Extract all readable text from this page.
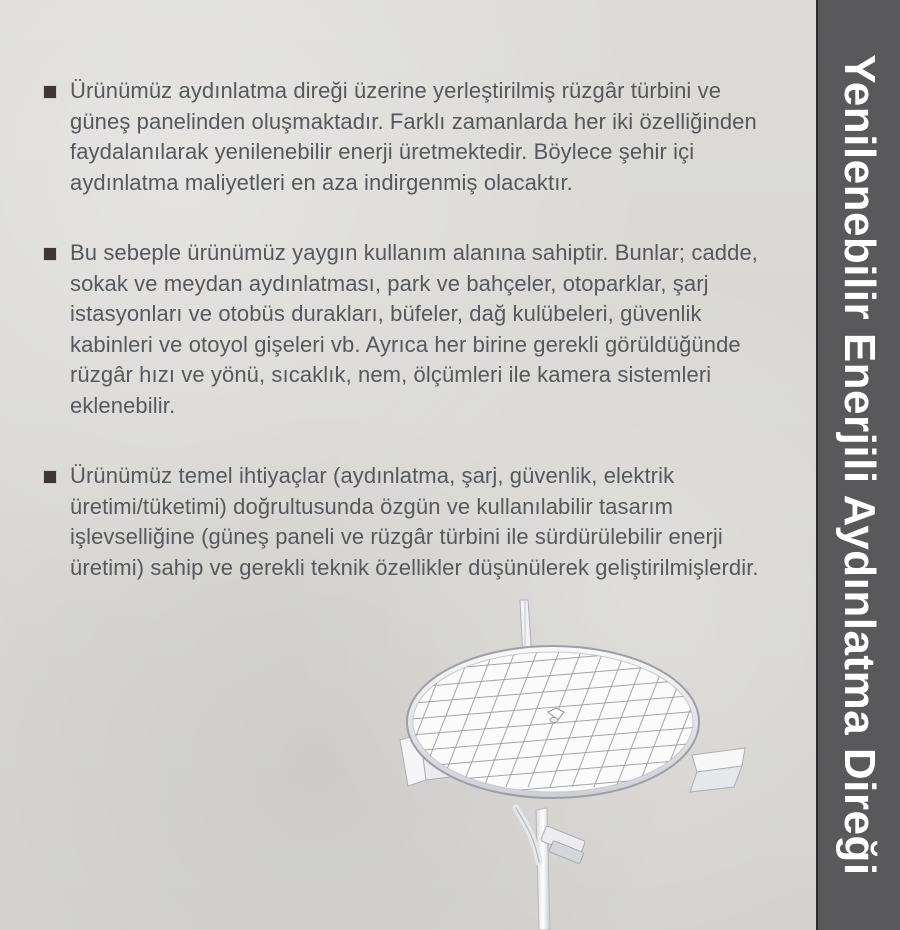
Ürünümüz aydınlatma direği üzerine yerleştirilmiş rüzgâr türbini ve güneş panelinden oluşmaktadır. Farklı zamanlarda her iki özelliğinden faydalanılarak yenilenebilir enerji üretmektedir. Böylece şehir içi aydınlatma maliyetleri en aza indirgenmiş olacaktır.
Bu sebeple ürünümüz yaygın kullanım alanına sahiptir. Bunlar; cadde, sokak ve meydan aydınlatması, park ve bahçeler, otoparklar, şarj istasyonları ve otobüs durakları, büfeler, dağ kulübeleri, güvenlik kabinleri ve otoyol gişeleri vb. Ayrıca her birine gerekli görüldüğünde rüzgâr hızı ve yönü, sıcaklık, nem, ölçümleri ile kamera sistemleri eklenebilir.
Ürünümüz temel ihtiyaçlar (aydınlatma, şarj, güvenlik, elektrik üretimi/tüketimi) doğrultusunda özgün ve kullanılabilir tasarım işlevselliğine (güneş paneli ve rüzgâr türbini ile sürdürülebilir enerji üretimi) sahip ve gerekli teknik özellikler düşünülerek geliştirilmişlerdir.	Yenilenebilir Enerjili Aydınlatma Direği
